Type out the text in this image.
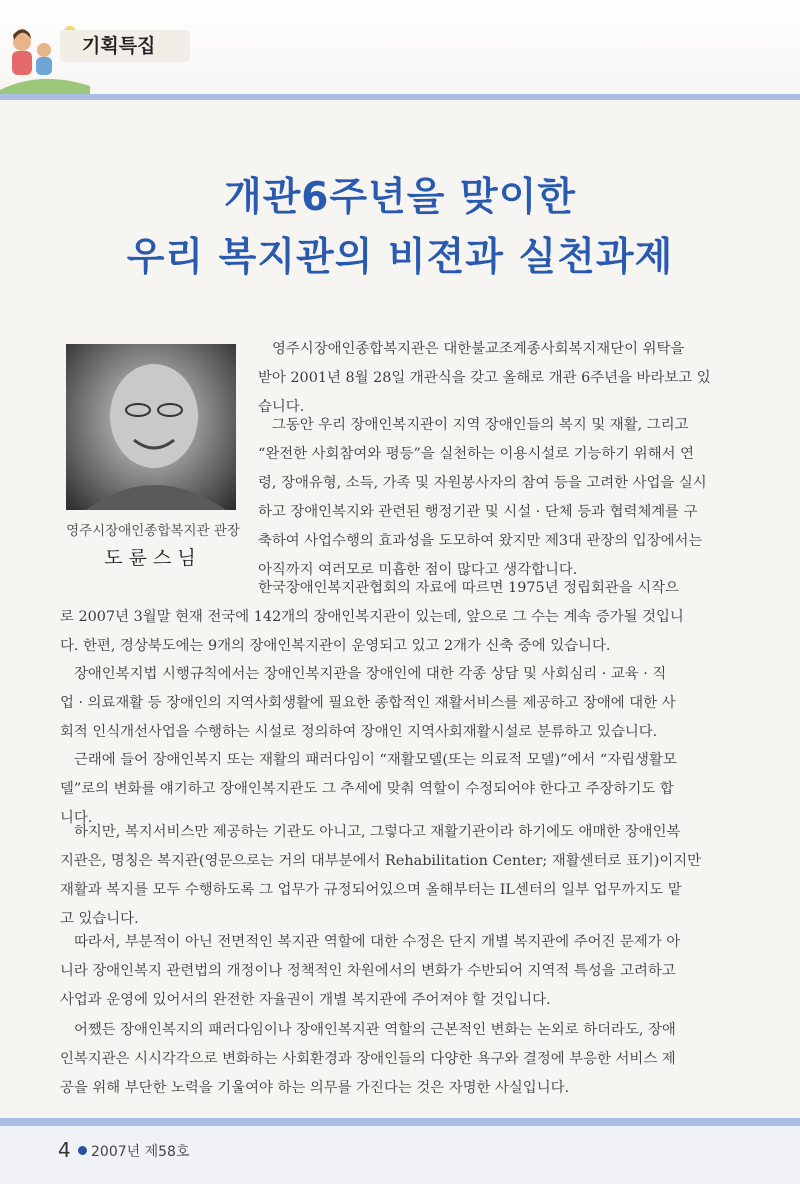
기획특집
개관6주년을 맞이한
우리 복지관의 비젼과 실천과제
영주시장애인종합복지관 관장
도륜스님

영주시장애인종합복지관은 대한불교조계종사회복지재단이 위탁을
받아 2001년 8월 28일 개관식을 갖고 올해로 개관 6주년을 바라보고 있
습니다.

그동안 우리 장애인복지관이 지역 장애인들의 복지 및 재활, 그리고
“완전한 사회참여와 평등”을 실천하는 이용시설로 기능하기 위해서 연
령, 장애유형, 소득, 가족 및 자원봉사자의 참여 등을 고려한 사업을 실시
하고 장애인복지와 관련된 행정기관 및 시설 · 단체 등과 협력체계를 구
축하여 사업수행의 효과성을 도모하여 왔지만 제3대 관장의 입장에서는
아직까지 여러모로 미흡한 점이 많다고 생각합니다.

한국장애인복지관협회의 자료에 따르면 1975년 정립회관을 시작으
로 2007년 3월말 현재 전국에 142개의 장애인복지관이 있는데, 앞으로 그 수는 계속 증가될 것입니
다. 한편, 경상북도에는 9개의 장애인복지관이 운영되고 있고 2개가 신축 중에 있습니다.

장애인복지법 시행규칙에서는 장애인복지관을 장애인에 대한 각종 상담 및 사회심리 · 교육 · 직
업 · 의료재활 등 장애인의 지역사회생활에 필요한 종합적인 재활서비스를 제공하고 장애에 대한 사
회적 인식개선사업을 수행하는 시설로 정의하여 장애인 지역사회재활시설로 분류하고 있습니다.

근래에 들어 장애인복지 또는 재활의 패러다임이 “재활모델(또는 의료적 모델)”에서 “자립생활모
델”로의 변화를 얘기하고 장애인복지관도 그 추세에 맞춰 역할이 수정되어야 한다고 주장하기도 합
니다.

하지만, 복지서비스만 제공하는 기관도 아니고, 그렇다고 재활기관이라 하기에도 애매한 장애인복
지관은, 명칭은 복지관(영문으로는 거의 대부분에서 Rehabilitation Center; 재활센터로 표기)이지만
재활과 복지를 모두 수행하도록 그 업무가 규정되어있으며 올해부터는 IL센터의 일부 업무까지도 맡
고 있습니다.

따라서, 부분적이 아닌 전면적인 복지관 역할에 대한 수정은 단지 개별 복지관에 주어진 문제가 아
니라 장애인복지 관련법의 개정이나 정책적인 차원에서의 변화가 수반되어 지역적 특성을 고려하고
사업과 운영에 있어서의 완전한 자율권이 개별 복지관에 주어져야 할 것입니다.

어쨌든 장애인복지의 패러다임이나 장애인복지관 역할의 근본적인 변화는 논외로 하더라도, 장애
인복지관은 시시각각으로 변화하는 사회환경과 장애인들의 다양한 욕구와 결정에 부응한 서비스 제
공을 위해 부단한 노력을 기울여야 하는 의무를 가진다는 것은 자명한 사실입니다.

4 2007년 제58호
